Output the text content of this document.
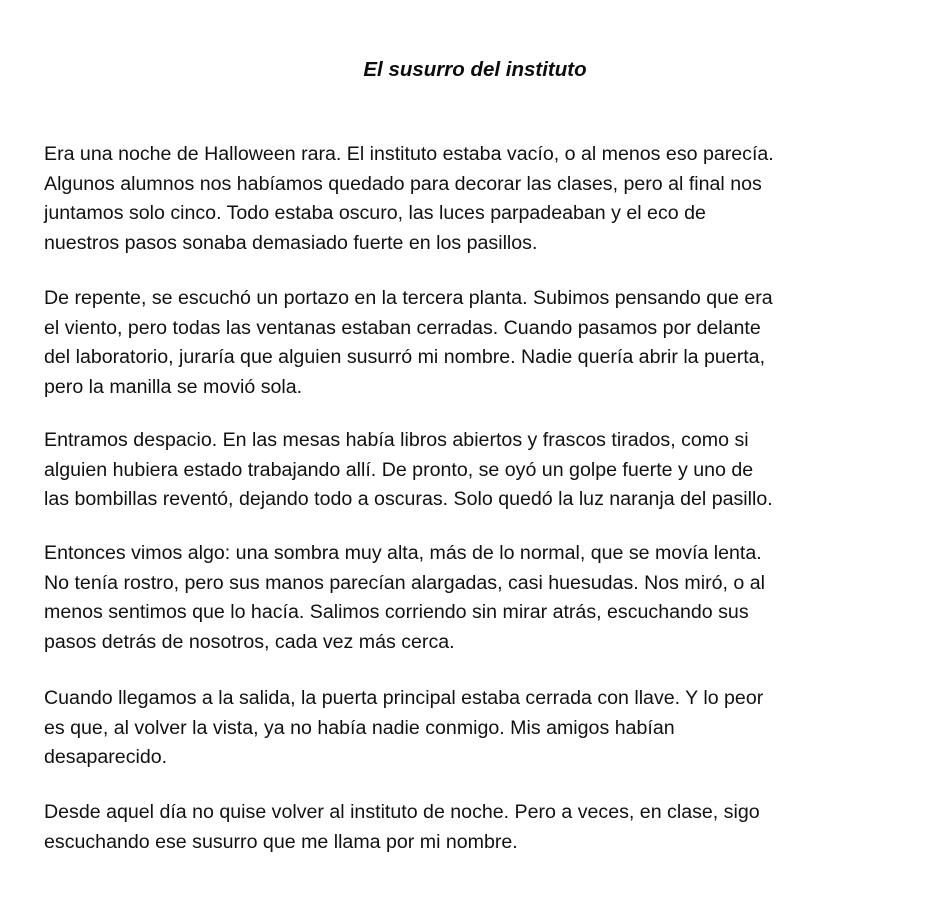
El susurro del instituto

Era una noche de Halloween rara. El instituto estaba vacío, o al menos eso parecía.
Algunos alumnos nos habíamos quedado para decorar las clases, pero al final nos
juntamos solo cinco. Todo estaba oscuro, las luces parpadeaban y el eco de
nuestros pasos sonaba demasiado fuerte en los pasillos.

De repente, se escuchó un portazo en la tercera planta. Subimos pensando que era
el viento, pero todas las ventanas estaban cerradas. Cuando pasamos por delante
del laboratorio, juraría que alguien susurró mi nombre. Nadie quería abrir la puerta,
pero la manilla se movió sola.

Entramos despacio. En las mesas había libros abiertos y frascos tirados, como si
alguien hubiera estado trabajando allí. De pronto, se oyó un golpe fuerte y uno de
las bombillas reventó, dejando todo a oscuras. Solo quedó la luz naranja del pasillo.

Entonces vimos algo: una sombra muy alta, más de lo normal, que se movía lenta.
No tenía rostro, pero sus manos parecían alargadas, casi huesudas. Nos miró, o al
menos sentimos que lo hacía. Salimos corriendo sin mirar atrás, escuchando sus
pasos detrás de nosotros, cada vez más cerca.

Cuando llegamos a la salida, la puerta principal estaba cerrada con llave. Y lo peor
es que, al volver la vista, ya no había nadie conmigo. Mis amigos habían
desaparecido.

Desde aquel día no quise volver al instituto de noche. Pero a veces, en clase, sigo
escuchando ese susurro que me llama por mi nombre.
